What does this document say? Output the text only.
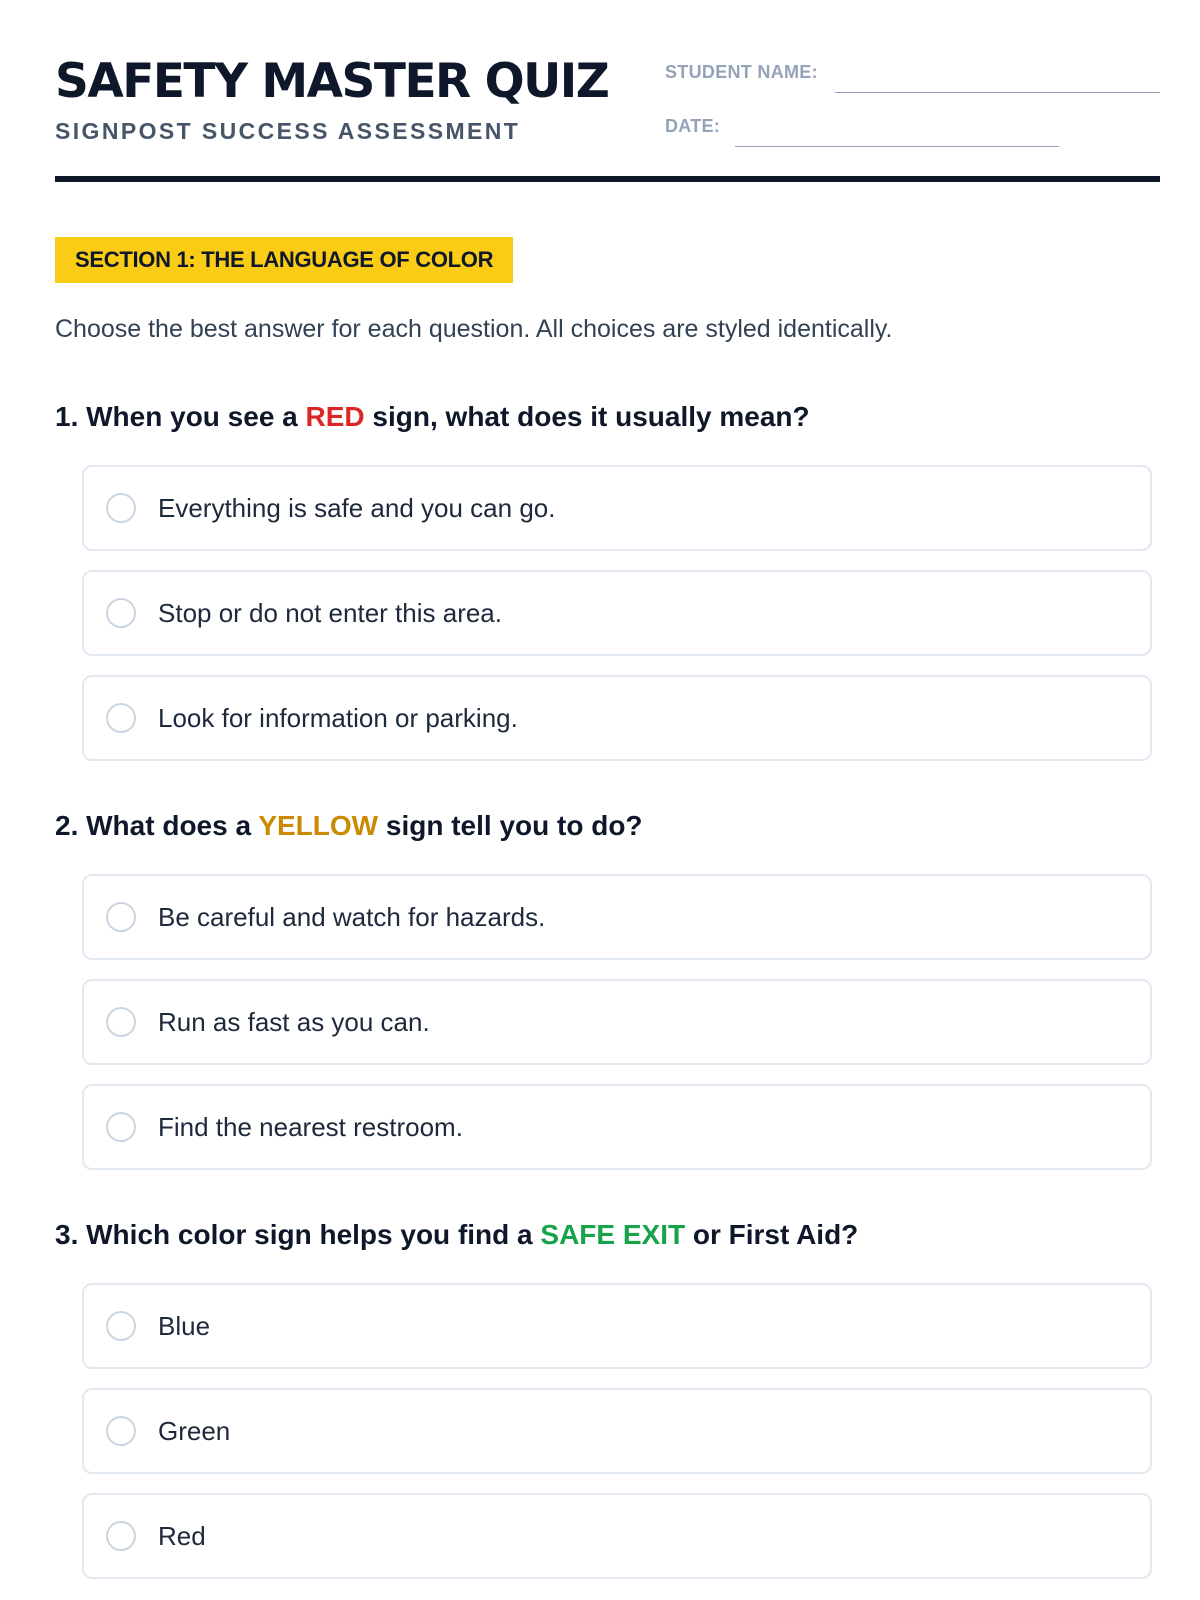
SAFETY MASTER QUIZ
SIGNPOST SUCCESS ASSESSMENT
STUDENT NAME:
DATE:
SECTION 1: THE LANGUAGE OF COLOR
Choose the best answer for each question. All choices are styled identically.
1. When you see a RED sign, what does it usually mean?
Everything is safe and you can go.
Stop or do not enter this area.
Look for information or parking.
2. What does a YELLOW sign tell you to do?
Be careful and watch for hazards.
Run as fast as you can.
Find the nearest restroom.
3. Which color sign helps you find a SAFE EXIT or First Aid?
Blue
Green
Red
